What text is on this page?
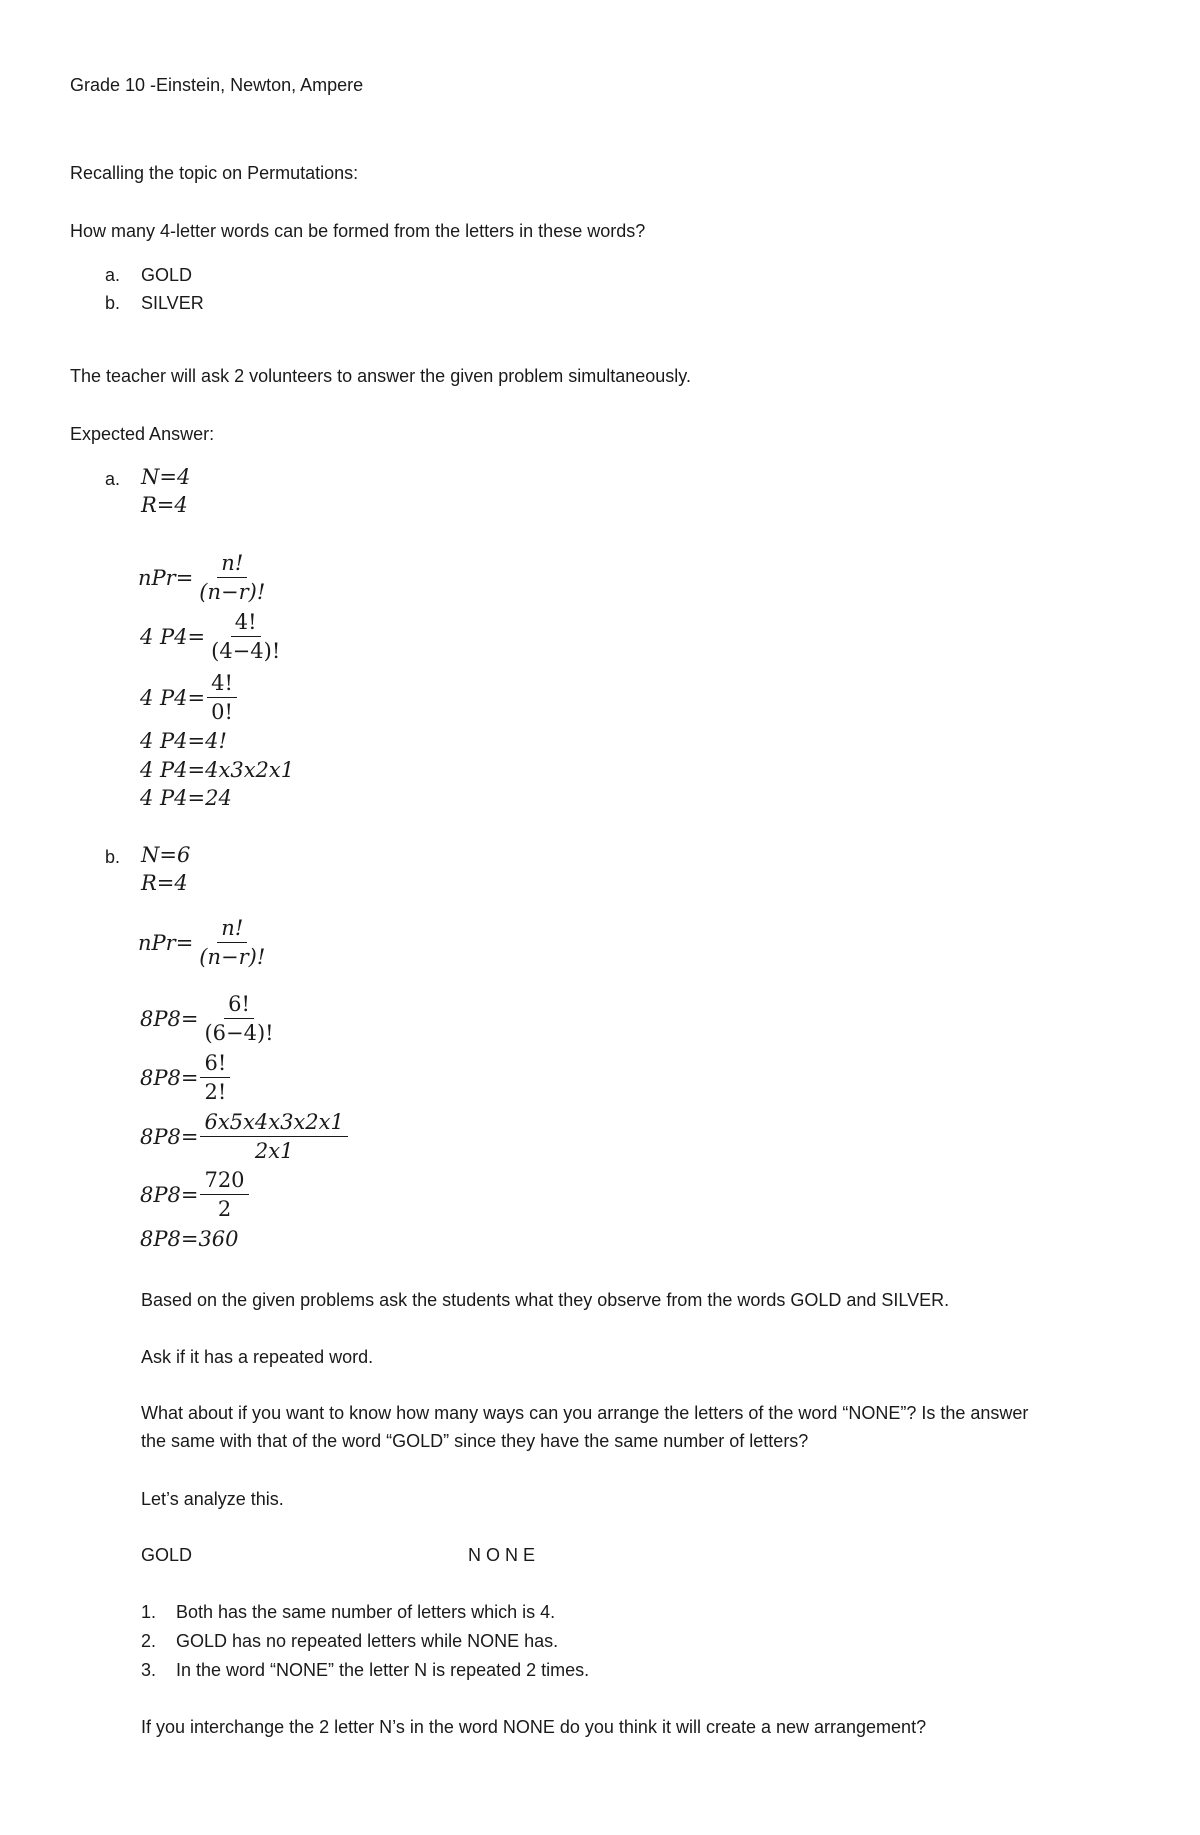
Grade 10 -Einstein, Newton, Ampere
Recalling the topic on Permutations:
How many 4-letter words can be formed from the letters in these words?
a. GOLD
b. SILVER
The teacher will ask 2 volunteers to answer the given problem simultaneously.
Expected Answer:
a. N=4
R=4
$nPr= \frac{n!}{(n-r)!}$
4 $P4= \frac{4!}{(4-4)!}$
4 $P4= \frac{4!}{0!}$
4 P4=4!
4 P4=4x3x2x1
4 P4=24
b. N=6
R=4
$nPr= \frac{n!}{(n-r)!}$
$8P8= \frac{6!}{(6-4)!}$
$8P8= \frac{6!}{2!}$
$8P8= \frac{6x5x4x3x2x1}{2x1}$
$8P8= \frac{720}{2}$
8P8=360
Based on the given problems ask the students what they observe from the words GOLD and SILVER.
Ask if it has a repeated word.
What about if you want to know how many ways can you arrange the letters of the word “NONE”? Is the answer
the same with that of the word “GOLD” since they have the same number of letters?
Let’s analyze this.
GOLD	N O N E
1. Both has the same number of letters which is 4.
2. GOLD has no repeated letters while NONE has.
3. In the word “NONE” the letter N is repeated 2 times.
If you interchange the 2 letter N’s in the word NONE do you think it will create a new arrangement?
